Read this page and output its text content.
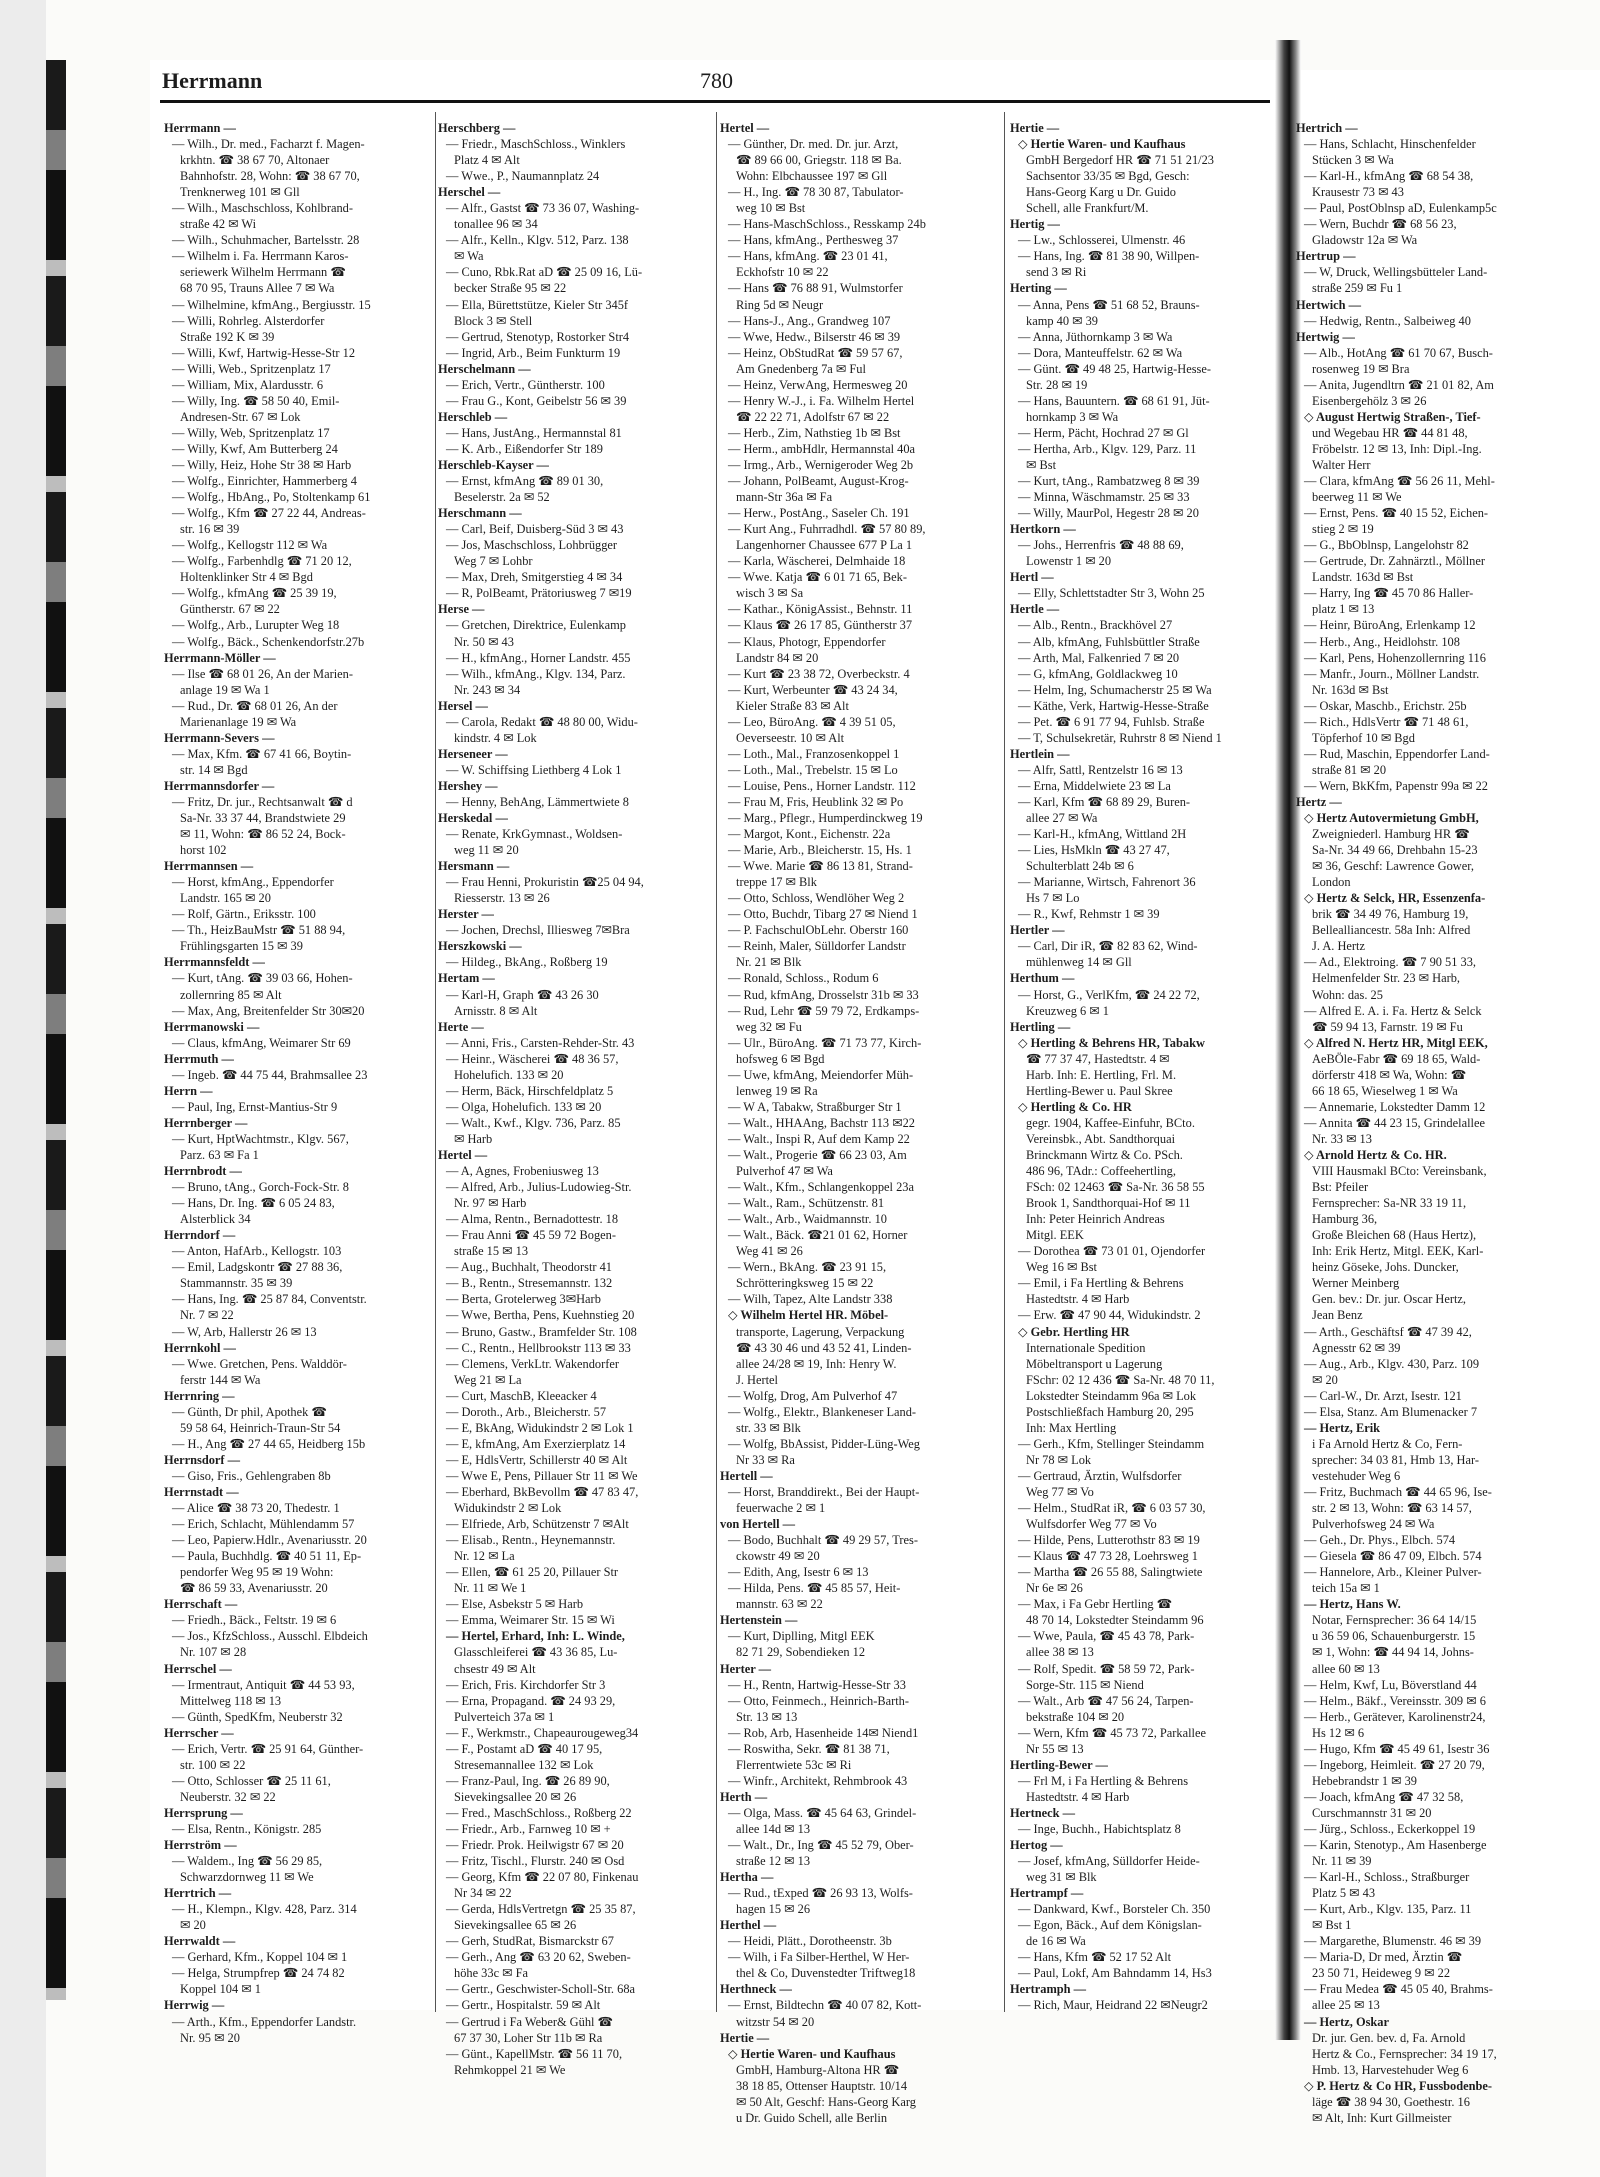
Herrmann	780
Herrmann —
— Wilh., Dr. med., Facharzt f. Magen-
krkhtn. ☎ 38 67 70, Altonaer
Bahnhofstr. 28, Wohn: ☎ 38 67 70,
Trenknerweg 101 ✉ Gll
— Wilh., Maschschloss, Kohlbrand-
straße 42 ✉ Wi
— Wilh., Schuhmacher, Bartelsstr. 28
— Wilhelm i. Fa. Herrmann Karos-
seriewerk Wilhelm Herrmann ☎
68 70 95, Trauns Allee 7 ✉ Wa
— Wilhelmine, kfmAng., Bergiusstr. 15
— Willi, Rohrleg. Alsterdorfer
Straße 192 K ✉ 39
— Willi, Kwf, Hartwig-Hesse-Str 12
— Willi, Web., Spritzenplatz 17
— William, Mix, Alardusstr. 6
— Willy, Ing. ☎ 58 50 40, Emil-
Andresen-Str. 67 ✉ Lok
— Willy, Web, Spritzenplatz 17
— Willy, Kwf, Am Butterberg 24
— Willy, Heiz, Hohe Str 38 ✉ Harb
— Wolfg., Einrichter, Hammerberg 4
— Wolfg., HbAng., Po, Stoltenkamp 61
— Wolfg., Kfm ☎ 27 22 44, Andreas-
str. 16 ✉ 39
— Wolfg., Kellogstr 112 ✉ Wa
— Wolfg., Farbenhdlg ☎ 71 20 12,
Holtenklinker Str 4 ✉ Bgd
— Wolfg., kfmAng ☎ 25 39 19,
Güntherstr. 67 ✉ 22
— Wolfg., Arb., Lurupter Weg 18
— Wolfg., Bäck., Schenkendorfstr.27b
Herrmann-Möller —
— Ilse ☎ 68 01 26, An der Marien-
anlage 19 ✉ Wa 1
— Rud., Dr. ☎ 68 01 26, An der
Marienanlage 19 ✉ Wa
Herrmann-Severs —
— Max, Kfm. ☎ 67 41 66, Boytin-
str. 14 ✉ Bgd
Herrmannsdorfer —
— Fritz, Dr. jur., Rechtsanwalt ☎ d
Sa-Nr. 33 37 44, Brandstwiete 29
✉ 11, Wohn: ☎ 86 52 24, Bock-
horst 102
Herrmannsen —
— Horst, kfmAng., Eppendorfer
Landstr. 165 ✉ 20
— Rolf, Gärtn., Eriksstr. 100
— Th., HeizBauMstr ☎ 51 88 94,
Frühlingsgarten 15 ✉ 39
Herrmannsfeldt —
— Kurt, tAng. ☎ 39 03 66, Hohen-
zollernring 85 ✉ Alt
— Max, Ang, Breitenfelder Str 30✉20
Herrmanowski —
— Claus, kfmAng, Weimarer Str 69
Herrmuth —
— Ingeb. ☎ 44 75 44, Brahmsallee 23
Herrn —
— Paul, Ing, Ernst-Mantius-Str 9
Herrnberger —
— Kurt, HptWachtmstr., Klgv. 567,
Parz. 63 ✉ Fa 1
Herrnbrodt —
— Bruno, tAng., Gorch-Fock-Str. 8
— Hans, Dr. Ing. ☎ 6 05 24 83,
Alsterblick 34
Herrndorf —
— Anton, HafArb., Kellogstr. 103
— Emil, Ladgskontr ☎ 27 88 36,
Stammannstr. 35 ✉ 39
— Hans, Ing. ☎ 25 87 84, Conventstr.
Nr. 7 ✉ 22
— W, Arb, Hallerstr 26 ✉ 13
Herrnkohl —
— Wwe. Gretchen, Pens. Walddör-
ferstr 144 ✉ Wa
Herrnring —
— Günth, Dr phil, Apothek ☎
59 58 64, Heinrich-Traun-Str 54
— H., Ang ☎ 27 44 65, Heidberg 15b
Herrnsdorf —
— Giso, Fris., Gehlengraben 8b
Herrnstadt —
— Alice ☎ 38 73 20, Thedestr. 1
— Erich, Schlacht, Mühlendamm 57
— Leo, Papierw.Hdlr., Avenariusstr. 20
— Paula, Buchhdlg. ☎ 40 51 11, Ep-
pendorfer Weg 95 ✉ 19 Wohn:
☎ 86 59 33, Avenariusstr. 20
Herrschaft —
— Friedh., Bäck., Feltstr. 19 ✉ 6
— Jos., KfzSchloss., Ausschl. Elbdeich
Nr. 107 ✉ 28
Herrschel —
— Irmentraut, Antiquit ☎ 44 53 93,
Mittelweg 118 ✉ 13
— Günth, SpedKfm, Neuberstr 32
Herrscher —
— Erich, Vertr. ☎ 25 91 64, Günther-
str. 100 ✉ 22
— Otto, Schlosser ☎ 25 11 61,
Neuberstr. 32 ✉ 22
Herrsprung —
— Elsa, Rentn., Königstr. 285
Herrström —
— Waldem., Ing ☎ 56 29 85,
Schwarzdornweg 11 ✉ We
Herrtrich —
— H., Klempn., Klgv. 428, Parz. 314
✉ 20
Herrwaldt —
— Gerhard, Kfm., Koppel 104 ✉ 1
— Helga, Strumpfrep ☎ 24 74 82
Koppel 104 ✉ 1
Herrwig —
— Arth., Kfm., Eppendorfer Landstr.
Nr. 95 ✉ 20
Herschberg —
— Friedr., MaschSchloss., Winklers
Platz 4 ✉ Alt
— Wwe., P., Naumannplatz 24
Herschel —
— Alfr., Gastst ☎ 73 36 07, Washing-
tonallee 96 ✉ 34
— Alfr., Kelln., Klgv. 512, Parz. 138
✉ Wa
— Cuno, Rbk.Rat aD ☎ 25 09 16, Lü-
becker Straße 95 ✉ 22
— Ella, Bürettstütze, Kieler Str 345f
Block 3 ✉ Stell
— Gertrud, Stenotyp, Rostorker Str4
— Ingrid, Arb., Beim Funkturm 19
Herschelmann —
— Erich, Vertr., Güntherstr. 100
— Frau G., Kont, Geibelstr 56 ✉ 39
Herschleb —
— Hans, JustAng., Hermannstal 81
— K. Arb., Eißendorfer Str 189
Herschleb-Kayser —
— Ernst, kfmAng ☎ 89 01 30,
Beselerstr. 2a ✉ 52
Herschmann —
— Carl, Beif, Duisberg-Süd 3 ✉ 43
— Jos, Maschschloss, Lohbrügger
Weg 7 ✉ Lohbr
— Max, Dreh, Smitgerstieg 4 ✉ 34
— R, PolBeamt, Prätoriusweg 7 ✉19
Herse —
— Gretchen, Direktrice, Eulenkamp
Nr. 50 ✉ 43
— H., kfmAng., Horner Landstr. 455
— Wilh., kfmAng., Klgv. 134, Parz.
Nr. 243 ✉ 34
Hersel —
— Carola, Redakt ☎ 48 80 00, Widu-
kindstr. 4 ✉ Lok
Herseneer —
— W. Schiffsing Liethberg 4 Lok 1
Hershey —
— Henny, BehAng, Lämmertwiete 8
Herskedal —
— Renate, KrkGymnast., Woldsen-
weg 11 ✉ 20
Hersmann —
— Frau Henni, Prokuristin ☎25 04 94,
Riesserstr. 13 ✉ 26
Herster —
— Jochen, Drechsl, Illiesweg 7✉Bra
Herszkowski —
— Hildeg., BkAng., Roßberg 19
Hertam —
— Karl-H, Graph ☎ 43 26 30
Arnisstr. 8 ✉ Alt
Herte —
— Anni, Fris., Carsten-Rehder-Str. 43
— Heinr., Wäscherei ☎ 48 36 57,
Hohelufich. 133 ✉ 20
— Herm, Bäck, Hirschfeldplatz 5
— Olga, Hohelufich. 133 ✉ 20
— Walt., Kwf., Klgv. 736, Parz. 85
✉ Harb
Hertel —
— A, Agnes, Frobeniusweg 13
— Alfred, Arb., Julius-Ludowieg-Str.
Nr. 97 ✉ Harb
— Alma, Rentn., Bernadottestr. 18
— Frau Anni ☎ 45 59 72 Bogen-
straße 15 ✉ 13
— Aug., Buchhalt, Theodorstr 41
— B., Rentn., Stresemannstr. 132
— Berta, Grotelerweg 3✉Harb
— Wwe, Bertha, Pens, Kuehnstieg 20
— Bruno, Gastw., Bramfelder Str. 108
— C., Rentn., Hellbrookstr 113 ✉ 33
— Clemens, VerkLtr. Wakendorfer
Weg 21 ✉ La
— Curt, MaschB, Kleeacker 4
— Doroth., Arb., Bleicherstr. 57
— E, BkAng, Widukindstr 2 ✉ Lok 1
— E, kfmAng, Am Exerzierplatz 14
— E, HdlsVertr, Schillerstr 40 ✉ Alt
— Wwe E, Pens, Pillauer Str 11 ✉ We
— Eberhard, BkBevollm ☎ 47 83 47,
Widukindstr 2 ✉ Lok
— Elfriede, Arb, Schützenstr 7 ✉Alt
— Elisab., Rentn., Heynemannstr.
Nr. 12 ✉ La
— Ellen, ☎ 61 25 20, Pillauer Str
Nr. 11 ✉ We 1
— Else, Asbekstr 5 ✉ Harb
— Emma, Weimarer Str. 15 ✉ Wi
— Hertel, Erhard, Inh: L. Winde,
Glasschleiferei ☎ 43 36 85, Lu-
chsestr 49 ✉ Alt
— Erich, Fris. Kirchdorfer Str 3
— Erna, Propagand. ☎ 24 93 29,
Pulverteich 37a ✉ 1
— F., Werkmstr., Chapeaurougeweg34
— F., Postamt aD ☎ 40 17 95,
Stresemannallee 132 ✉ Lok
— Franz-Paul, Ing. ☎ 26 89 90,
Sievekingsallee 20 ✉ 26
— Fred., MaschSchloss., Roßberg 22
— Friedr., Arb., Farnweg 10 ✉ +
— Friedr. Prok. Heilwigstr 67 ✉ 20
— Fritz, Tischl., Flurstr. 240 ✉ Osd
— Georg, Kfm ☎ 22 07 80, Finkenau
Nr 34 ✉ 22
— Gerda, HdlsVertretgn ☎ 25 35 87,
Sievekingsallee 65 ✉ 26
— Gerh, StudRat, Bismarckstr 67
— Gerh., Ang ☎ 63 20 62, Sweben-
höhe 33c ✉ Fa
— Gertr., Geschwister-Scholl-Str. 68a
— Gertr., Hospitalstr. 59 ✉ Alt
— Gertrud i Fa Weber& Gühl ☎
67 37 30, Loher Str 11b ✉ Ra
— Günt., KapellMstr. ☎ 56 11 70,
Rehmkoppel 21 ✉ We
Hertel —
— Günther, Dr. med. Dr. jur. Arzt,
☎ 89 66 00, Griegstr. 118 ✉ Ba.
Wohn: Elbchaussee 197 ✉ Gll
— H., Ing. ☎ 78 30 87, Tabulator-
weg 10 ✉ Bst
— Hans-MaschSchloss., Resskamp 24b
— Hans, kfmAng., Perthesweg 37
— Hans, kfmAng. ☎ 23 01 41,
Eckhofstr 10 ✉ 22
— Hans ☎ 76 88 91, Wulmstorfer
Ring 5d ✉ Neugr
— Hans-J., Ang., Grandweg 107
— Wwe, Hedw., Bilserstr 46 ✉ 39
— Heinz, ObStudRat ☎ 59 57 67,
Am Gnedenberg 7a ✉ Ful
— Heinz, VerwAng, Hermesweg 20
— Henry W.-J., i. Fa. Wilhelm Hertel
☎ 22 22 71, Adolfstr 67 ✉ 22
— Herb., Zim, Nathstieg 1b ✉ Bst
— Herm., ambHdlr, Hermannstal 40a
— Irmg., Arb., Wernigeroder Weg 2b
— Johann, PolBeamt, August-Krog-
mann-Str 36a ✉ Fa
— Herw., PostAng., Saseler Ch. 191
— Kurt Ang., Fuhrradhdl. ☎ 57 80 89,
Langenhorner Chaussee 677 P La 1
— Karla, Wäscherei, Delmhaide 18
— Wwe. Katja ☎ 6 01 71 65, Bek-
wisch 3 ✉ Sa
— Kathar., KönigAssist., Behnstr. 11
— Klaus ☎ 26 17 85, Güntherstr 37
— Klaus, Photogr, Eppendorfer
Landstr 84 ✉ 20
— Kurt ☎ 23 38 72, Overbeckstr. 4
— Kurt, Werbeunter ☎ 43 24 34,
Kieler Straße 83 ✉ Alt
— Leo, BüroAng. ☎ 4 39 51 05,
Oeverseestr. 10 ✉ Alt
— Loth., Mal., Franzosenkoppel 1
— Loth., Mal., Trebelstr. 15 ✉ Lo
— Louise, Pens., Horner Landstr. 112
— Frau M, Fris, Heublink 32 ✉ Po
— Marg., Pflegr., Humperdinckweg 19
— Margot, Kont., Eichenstr. 22a
— Marie, Arb., Bleicherstr. 15, Hs. 1
— Wwe. Marie ☎ 86 13 81, Strand-
treppe 17 ✉ Blk
— Otto, Schloss, Wendlöher Weg 2
— Otto, Buchdr, Tibarg 27 ✉ Niend 1
— P. FachschulObLehr. Oberstr 160
— Reinh, Maler, Sülldorfer Landstr
Nr. 21 ✉ Blk
— Ronald, Schloss., Rodum 6
— Rud, kfmAng, Drosselstr 31b ✉ 33
— Rud, Lehr ☎ 59 79 72, Erdkamps-
weg 32 ✉ Fu
— Ulr., BüroAng. ☎ 71 73 77, Kirch-
hofsweg 6 ✉ Bgd
— Uwe, kfmAng, Meiendorfer Müh-
lenweg 19 ✉ Ra
— W A, Tabakw, Straßburger Str 1
— Walt., HHAAng, Bachstr 113 ✉22
— Walt., Inspi R, Auf dem Kamp 22
— Walt., Progerie ☎ 66 23 03, Am
Pulverhof 47 ✉ Wa
— Walt., Kfm., Schlangenkoppel 23a
— Walt., Ram., Schützenstr. 81
— Walt., Arb., Waidmannstr. 10
— Walt., Bäck. ☎21 01 62, Horner
Weg 41 ✉ 26
— Wern., BkAng. ☎ 23 91 15,
Schrötteringksweg 15 ✉ 22
— Wilh, Tapez, Alte Landstr 338
◇ Wilhelm Hertel HR. Möbel-
transporte, Lagerung, Verpackung
☎ 43 30 46 und 43 52 41, Linden-
allee 24/28 ✉ 19, Inh: Henry W.
J. Hertel
— Wolfg, Drog, Am Pulverhof 47
— Wolfg., Elektr., Blankeneser Land-
str. 33 ✉ Blk
— Wolfg, BbAssist, Pidder-Lüng-Weg
Nr 33 ✉ Ra
Hertell —
— Horst, Branddirekt., Bei der Haupt-
feuerwache 2 ✉ 1
von Hertell —
— Bodo, Buchhalt ☎ 49 29 57, Tres-
ckowstr 49 ✉ 20
— Edith, Ang, Isestr 6 ✉ 13
— Hilda, Pens. ☎ 45 85 57, Heit-
mannstr. 63 ✉ 22
Hertenstein —
— Kurt, Diplling, Mitgl EEK
82 71 29, Sobendieken 12
Herter —
— H., Rentn, Hartwig-Hesse-Str 33
— Otto, Feinmech., Heinrich-Barth-
Str. 13 ✉ 13
— Rob, Arb, Hasenheide 14✉ Niend1
— Roswitha, Sekr. ☎ 81 38 71,
Flerrentwiete 53c ✉ Ri
— Winfr., Architekt, Rehmbrook 43
Herth —
— Olga, Mass. ☎ 45 64 63, Grindel-
allee 14d ✉ 13
— Walt., Dr., Ing ☎ 45 52 79, Ober-
straße 12 ✉ 13
Hertha —
— Rud., tExped ☎ 26 93 13, Wolfs-
hagen 15 ✉ 26
Herthel —
— Heidi, Plätt., Dorotheenstr. 3b
— Wilh, i Fa Silber-Herthel, W Her-
thel & Co, Duvenstedter Triftweg18
Herthneck —
— Ernst, Bildtechn ☎ 40 07 82, Kott-
witzstr 54 ✉ 20
Hertie —
◇ Hertie Waren- und Kaufhaus
GmbH, Hamburg-Altona HR ☎
38 18 85, Ottenser Hauptstr. 10/14
✉ 50 Alt, Geschf: Hans-Georg Karg
u Dr. Guido Schell, alle Berlin
Hertie —
◇ Hertie Waren- und Kaufhaus
GmbH Bergedorf HR ☎ 71 51 21/23
Sachsentor 33/35 ✉ Bgd, Gesch:
Hans-Georg Karg u Dr. Guido
Schell, alle Frankfurt/M.
Hertig —
— Lw., Schlosserei, Ulmenstr. 46
— Hans, Ing. ☎ 81 38 90, Willpen-
send 3 ✉ Ri
Herting —
— Anna, Pens ☎ 51 68 52, Brauns-
kamp 40 ✉ 39
— Anna, Jüthornkamp 3 ✉ Wa
— Dora, Manteuffelstr. 62 ✉ Wa
— Günt. ☎ 49 48 25, Hartwig-Hesse-
Str. 28 ✉ 19
— Hans, Bauuntern. ☎ 68 61 91, Jüt-
hornkamp 3 ✉ Wa
— Herm, Pächt, Hochrad 27 ✉ Gl
— Hertha, Arb., Klgv. 129, Parz. 11
✉ Bst
— Kurt, tAng., Rambatzweg 8 ✉ 39
— Minna, Wäschmamstr. 25 ✉ 33
— Willy, MaurPol, Hegestr 28 ✉ 20
Hertkorn —
— Johs., Herrenfris ☎ 48 88 69,
Lowenstr 1 ✉ 20
Hertl —
— Elly, Schlettstadter Str 3, Wohn 25
Hertle —
— Alb., Rentn., Brackhövel 27
— Alb, kfmAng, Fuhlsbüttler Straße
— Arth, Mal, Falkenried 7 ✉ 20
— G, kfmAng, Goldlackweg 10
— Helm, Ing, Schumacherstr 25 ✉ Wa
— Käthe, Verk, Hartwig-Hesse-Straße
— Pet. ☎ 6 91 77 94, Fuhlsb. Straße
— T, Schulsekretär, Ruhrstr 8 ✉ Niend 1
Hertlein —
— Alfr, Sattl, Rentzelstr 16 ✉ 13
— Erna, Middelwiete 23 ✉ La
— Karl, Kfm ☎ 68 89 29, Buren-
allee 27 ✉ Wa
— Karl-H., kfmAng, Wittland 2H
— Lies, HsMkln ☎ 43 27 47,
Schulterblatt 24b ✉ 6
— Marianne, Wirtsch, Fahrenort 36
Hs 7 ✉ Lo
— R., Kwf, Rehmstr 1 ✉ 39
Hertler —
— Carl, Dir iR, ☎ 82 83 62, Wind-
mühlenweg 14 ✉ Gll
Herthum —
— Horst, G., VerlKfm, ☎ 24 22 72,
Kreuzweg 6 ✉ 1
Hertling —
◇ Hertling & Behrens HR, Tabakw
☎ 77 37 47, Hastedtstr. 4 ✉
Harb. Inh: E. Hertling, Frl. M.
Hertling-Bewer u. Paul Skree
◇ Hertling & Co. HR
gegr. 1904, Kaffee-Einfuhr, BCto.
Vereinsbk., Abt. Sandthorquai
Brinckmann Wirtz & Co. PSch.
486 96, TAdr.: Coffeehertling,
FSch: 02 12463 ☎ Sa-Nr. 36 58 55
Brook 1, Sandthorquai-Hof ✉ 11
Inh: Peter Heinrich Andreas
Mitgl. EEK
— Dorothea ☎ 73 01 01, Ojendorfer
Weg 16 ✉ Bst
— Emil, i Fa Hertling & Behrens
Hastedtstr. 4 ✉ Harb
— Erw. ☎ 47 90 44, Widukindstr. 2
◇ Gebr. Hertling HR
Internationale Spedition
Möbeltransport u Lagerung
FSchr: 02 12 436 ☎ Sa-Nr. 48 70 11,
Lokstedter Steindamm 96a ✉ Lok
Postschließfach Hamburg 20, 295
Inh: Max Hertling
— Gerh., Kfm, Stellinger Steindamm
Nr 78 ✉ Lok
— Gertraud, Ärztin, Wulfsdorfer
Weg 77 ✉ Vo
— Helm., StudRat iR, ☎ 6 03 57 30,
Wulfsdorfer Weg 77 ✉ Vo
— Hilde, Pens, Lutterothstr 83 ✉ 19
— Klaus ☎ 47 73 28, Loehrsweg 1
— Martha ☎ 26 55 88, Salingtwiete
Nr 6e ✉ 26
— Max, i Fa Gebr Hertling ☎
48 70 14, Lokstedter Steindamm 96
— Wwe, Paula, ☎ 45 43 78, Park-
allee 38 ✉ 13
— Rolf, Spedit. ☎ 58 59 72, Park-
Sorge-Str. 115 ✉ Niend
— Walt., Arb ☎ 47 56 24, Tarpen-
bekstraße 104 ✉ 20
— Wern, Kfm ☎ 45 73 72, Parkallee
Nr 55 ✉ 13
Hertling-Bewer —
— Frl M, i Fa Hertling & Behrens
Hastedtstr. 4 ✉ Harb
Hertneck —
— Inge, Buchh., Habichtsplatz 8
Hertog —
— Josef, kfmAng, Sülldorfer Heide-
weg 31 ✉ Blk
Hertrampf —
— Dankward, Kwf., Borsteler Ch. 350
— Egon, Bäck., Auf dem Königslan-
de 16 ✉ Wa
— Hans, Kfm ☎ 52 17 52 Alt
— Paul, Lokf, Am Bahndamm 14, Hs3
Hertramph —
— Rich, Maur, Heidrand 22 ✉Neugr2
Hertrich —
— Hans, Schlacht, Hinschenfelder
Stücken 3 ✉ Wa
— Karl-H., kfmAng ☎ 68 54 38,
Krausestr 73 ✉ 43
— Paul, PostOblnsp aD, Eulenkamp5c
— Wern, Buchdr ☎ 68 56 23,
Gladowstr 12a ✉ Wa
Hertrup —
— W, Druck, Wellingsbütteler Land-
straße 259 ✉ Fu 1
Hertwich —
— Hedwig, Rentn., Salbeiweg 40
Hertwig —
— Alb., HotAng ☎ 61 70 67, Busch-
rosenweg 19 ✉ Bra
— Anita, Jugendltrn ☎ 21 01 82, Am
Eisenbergehölz 3 ✉ 26
◇ August Hertwig Straßen-, Tief-
und Wegebau HR ☎ 44 81 48,
Fröbelstr. 12 ✉ 13, Inh: Dipl.-Ing.
Walter Herr
— Clara, kfmAng ☎ 56 26 11, Mehl-
beerweg 11 ✉ We
— Ernst, Pens. ☎ 40 15 52, Eichen-
stieg 2 ✉ 19
— G., BbOblnsp, Langelohstr 82
— Gertrude, Dr. Zahnärztl., Möllner
Landstr. 163d ✉ Bst
— Harry, Ing ☎ 45 70 86 Haller-
platz 1 ✉ 13
— Heinr, BüroAng, Erlenkamp 12
— Herb., Ang., Heidlohstr. 108
— Karl, Pens, Hohenzollernring 116
— Manfr., Journ., Möllner Landstr.
Nr. 163d ✉ Bst
— Oskar, Maschb., Erichstr. 25b
— Rich., HdlsVertr ☎ 71 48 61,
Töpferhof 10 ✉ Bgd
— Rud, Maschin, Eppendorfer Land-
straße 81 ✉ 20
— Wern, BkKfm, Papenstr 99a ✉ 22
Hertz —
◇ Hertz Autovermietung GmbH,
Zweigniederl. Hamburg HR ☎
Sa-Nr. 34 49 66, Drehbahn 15-23
✉ 36, Geschf: Lawrence Gower,
London
◇ Hertz & Selck, HR, Essenzenfa-
brik ☎ 34 49 76, Hamburg 19,
Bellealliancestr. 58a Inh: Alfred
J. A. Hertz
— Ad., Elektroing. ☎ 7 90 51 33,
Helmenfelder Str. 23 ✉ Harb,
Wohn: das. 25
— Alfred E. A. i. Fa. Hertz & Selck
☎ 59 94 13, Farnstr. 19 ✉ Fu
◇ Alfred N. Hertz HR, Mitgl EEK,
AeBÖle-Fabr ☎ 69 18 65, Wald-
dörferstr 418 ✉ Wa, Wohn: ☎
66 18 65, Wieselweg 1 ✉ Wa
— Annemarie, Lokstedter Damm 12
— Annita ☎ 44 23 15, Grindelallee
Nr. 33 ✉ 13
◇ Arnold Hertz & Co. HR.
VIII Hausmakl BCto: Vereinsbank,
Bst: Pfeiler
Fernsprecher: Sa-NR 33 19 11,
Hamburg 36,
Große Bleichen 68 (Haus Hertz),
Inh: Erik Hertz, Mitgl. EEK, Karl-
heinz Göseke, Johs. Duncker,
Werner Meinberg
Gen. bev.: Dr. jur. Oscar Hertz,
Jean Benz
— Arth., Geschäftsf ☎ 47 39 42,
Agnesstr 62 ✉ 39
— Aug., Arb., Klgv. 430, Parz. 109
✉ 20
— Carl-W., Dr. Arzt, Isestr. 121
— Elsa, Stanz. Am Blumenacker 7
— Hertz, Erik
i Fa Arnold Hertz & Co, Fern-
sprecher: 34 03 81, Hmb 13, Har-
vestehuder Weg 6
— Fritz, Buchmach ☎ 44 65 96, Ise-
str. 2 ✉ 13, Wohn: ☎ 63 14 57,
Pulverhofsweg 24 ✉ Wa
— Geh., Dr. Phys., Elbch. 574
— Giesela ☎ 86 47 09, Elbch. 574
— Hannelore, Arb., Kleiner Pulver-
teich 15a ✉ 1
— Hertz, Hans W.
Notar, Fernsprecher: 36 64 14/15
u 36 59 06, Schauenburgerstr. 15
✉ 1, Wohn: ☎ 44 94 14, Johns-
allee 60 ✉ 13
— Helm, Kwf, Lu, Böverstland 44
— Helm., Bäkf., Vereinsstr. 309 ✉ 6
— Herb., Gerätever, Karolinenstr24,
Hs 12 ✉ 6
— Hugo, Kfm ☎ 45 49 61, Isestr 36
— Ingeborg, Heimleit. ☎ 27 20 79,
Hebebrandstr 1 ✉ 39
— Joach, kfmAng ☎ 47 32 58,
Curschmannstr 31 ✉ 20
— Jürg., Schloss., Eckerkoppel 19
— Karin, Stenotyp., Am Hasenberge
Nr. 11 ✉ 39
— Karl-H., Schloss., Straßburger
Platz 5 ✉ 43
— Kurt, Arb., Klgv. 135, Parz. 11
✉ Bst 1
— Margarethe, Blumenstr. 46 ✉ 39
— Maria-D, Dr med, Ärztin ☎
23 50 71, Heideweg 9 ✉ 22
— Frau Medea ☎ 45 05 40, Brahms-
allee 25 ✉ 13
— Hertz, Oskar
Dr. jur. Gen. bev. d, Fa. Arnold
Hertz & Co., Fernsprecher: 34 19 17,
Hmb. 13, Harvestehuder Weg 6
◇ P. Hertz & Co HR, Fussbodenbe-
läge ☎ 38 94 30, Goethestr. 16
✉ Alt, Inh: Kurt Gillmeister
